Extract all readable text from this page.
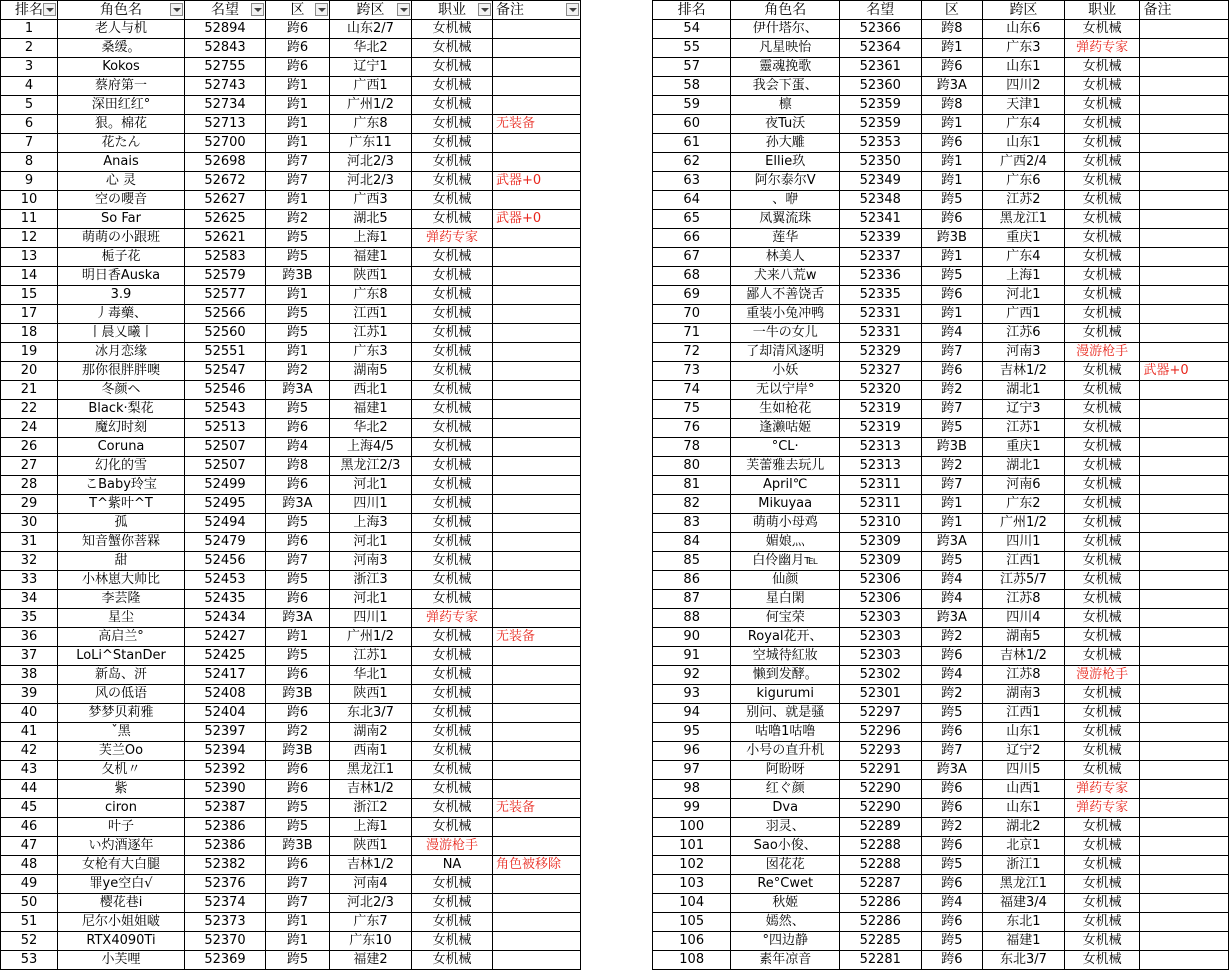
排名	角色名	名望	区	跨区	职业	备注

1	老人与机	52894	跨6	山东2/7	女机械	
2	桑缓。	52843	跨6	华北2	女机械	
3	Kokos	52755	跨6	辽宁1	女机械	
4	蔡府第一	52743	跨1	广西1	女机械	
5	深田红红°	52734	跨1	广州1/2	女机械	
6	狠。棉花	52713	跨1	广东8	女机械	无装备
7	花たん	52700	跨1	广东11	女机械	
8	Anais	52698	跨7	河北2/3	女机械	
9	心 灵	52672	跨7	河北2/3	女机械	武器+0
10	空の嚶音	52627	跨1	广西3	女机械	
11	So Far	52625	跨2	湖北5	女机械	武器+0
12	萌萌の小跟班	52621	跨5	上海1	弹药专家	
13	栀子花	52583	跨5	福建1	女机械	
14	明日香Auska	52579	跨3B	陕西1	女机械	
15	3.9	52577	跨1	广东8	女机械	
17	丿毒藥、	52566	跨5	江西1	女机械	
18	丨晨乂曦丨	52560	跨5	江苏1	女机械	
19	冰月恋缘	52551	跨1	广东3	女机械	
20	那你很胖胖噢	52547	跨2	湖南5	女机械	
21	冬颜ヘ	52546	跨3A	西北1	女机械	
22	Black·梨花	52543	跨5	福建1	女机械	
24	魔幻时刻	52513	跨6	华北2	女机械	
26	Coruna	52507	跨4	上海4/5	女机械	
27	幻化的雪	52507	跨8	黑龙江2/3	女机械	
28	こBaby玲宝	52499	跨6	河北1	女机械	
29	T^紫叶^T	52495	跨3A	四川1	女机械	
30	孤	52494	跨5	上海3	女机械	
31	知音蟹你菩槑	52479	跨6	河北1	女机械	
32	甜	52456	跨7	河南3	女机械	
33	小林崽大帅比	52453	跨5	浙江3	女机械	
34	李芸隆	52435	跨6	河北1	女机械	
35	星尘	52434	跨3A	四川1	弹药专家	
36	高启兰°	52427	跨1	广州1/2	女机械	无装备
37	LoLi^StanDer	52425	跨5	江苏1	女机械	
38	新岛、汧	52417	跨6	华北1	女机械	
39	风の低语	52408	跨3B	陕西1	女机械	
40	梦梦贝莉雅	52404	跨6	东北3/7	女机械	
41	ˇ黑	52397	跨2	湖南2	女机械	
42	芙兰Oo	52394	跨3B	西南1	女机械	
43	夂机〃	52392	跨6	黑龙江1	女机械	
44	紫	52390	跨6	吉林1/2	女机械	
45	ciron	52387	跨5	浙江2	女机械	无装备
46	叶子	52386	跨5	上海1	女机械	
47	い灼酒逐年	52386	跨3B	陕西1	漫游枪手	
48	女枪有大白腿	52382	跨6	吉林1/2	NA	角色被移除
49	罪ye空白√	52376	跨7	河南4	女机械	
50	樱花巷i	52374	跨7	河北2/3	女机械	
51	尼尔小姐姐啵	52373	跨1	广东7	女机械	
52	RTX4090Ti	52370	跨1	广东10	女机械	
53	小芙哩	52369	跨5	福建2	女机械	
排名	角色名	名望	区	跨区	职业	备注
54	伊什塔尔、	52366	跨8	山东6	女机械	
55	凡星映怡	52364	跨1	广东3	弹药专家	
57	靈魂挽歌	52361	跨6	山东1	女机械	
58	我会下蛋、	52360	跨3A	四川2	女机械	
59	檩	52359	跨8	天津1	女机械	
60	夜Tu沃	52359	跨1	广东4	女机械	
61	孙大雕	52353	跨6	山东1	女机械	
62	Ellie玖	52350	跨1	广西2/4	女机械	
63	阿尔泰尔V	52349	跨1	广东6	女机械	
64	、咿	52348	跨5	江苏2	女机械	
65	凤翼流珠	52341	跨6	黑龙江1	女机械	
66	莲华	52339	跨3B	重庆1	女机械	
67	林美人	52337	跨1	广东4	女机械	
68	犬来八荒w	52336	跨5	上海1	女机械	
69	鄙人不善饶舌	52335	跨6	河北1	女机械	
70	重装小兔冲鸭	52331	跨1	广西1	女机械	
71	一牛の女儿	52331	跨4	江苏6	女机械	
72	了却清风逐明	52329	跨7	河南3	漫游枪手	
73	小妖	52327	跨6	吉林1/2	女机械	武器+0
74	无以宁岸°	52320	跨2	湖北1	女机械	
75	生如枪花	52319	跨7	辽宁3	女机械	
76	逢濑咕姬	52319	跨5	江苏1	女机械	
78	°CL·	52313	跨3B	重庆1	女机械	
80	芙蕾雅去玩儿	52313	跨2	湖北1	女机械	
81	April℃	52311	跨7	河南6	女机械	
82	Mikuyaa	52311	跨1	广东2	女机械	
83	萌萌小母鸡	52310	跨1	广州1/2	女机械	
84	媚娘灬	52309	跨3A	四川1	女机械	
85	白伶幽月℡	52309	跨5	江西1	女机械	
86	仙颜	52306	跨4	江苏5/7	女机械	
87	星白閑	52306	跨4	江苏8	女机械	
88	何宝荣	52303	跨3A	四川4	女机械	
90	Royal花开、	52303	跨2	湖南5	女机械	
91	空城待紅妝	52303	跨6	吉林1/2	女机械	
92	懒到发酵。	52302	跨4	江苏8	漫游枪手	
93	kigurumi	52301	跨2	湖南3	女机械	
94	别问、就是骚	52297	跨5	江西1	女机械	
95	咕噜1咕噜	52296	跨6	山东1	女机械	
96	小号の直升机	52293	跨7	辽宁2	女机械	
97	阿盼呀	52291	跨3A	四川5	女机械	
98	红ぐ颜	52290	跨6	山西1	弹药专家	
99	Dva	52290	跨6	山东1	弹药专家	
100	羽灵、	52289	跨2	湖北2	女机械	
101	Sao小俊、	52288	跨6	北京1	女机械	
102	囡花花	52288	跨5	浙江1	女机械	
103	Re°Cwet	52287	跨6	黑龙江1	女机械	
104	秋姬	52286	跨4	福建3/4	女机械	
105	嫣然、	52286	跨6	东北1	女机械	
106	°四边静	52285	跨5	福建1	女机械	
108	素年凉音	52281	跨6	东北3/7	女机械	
